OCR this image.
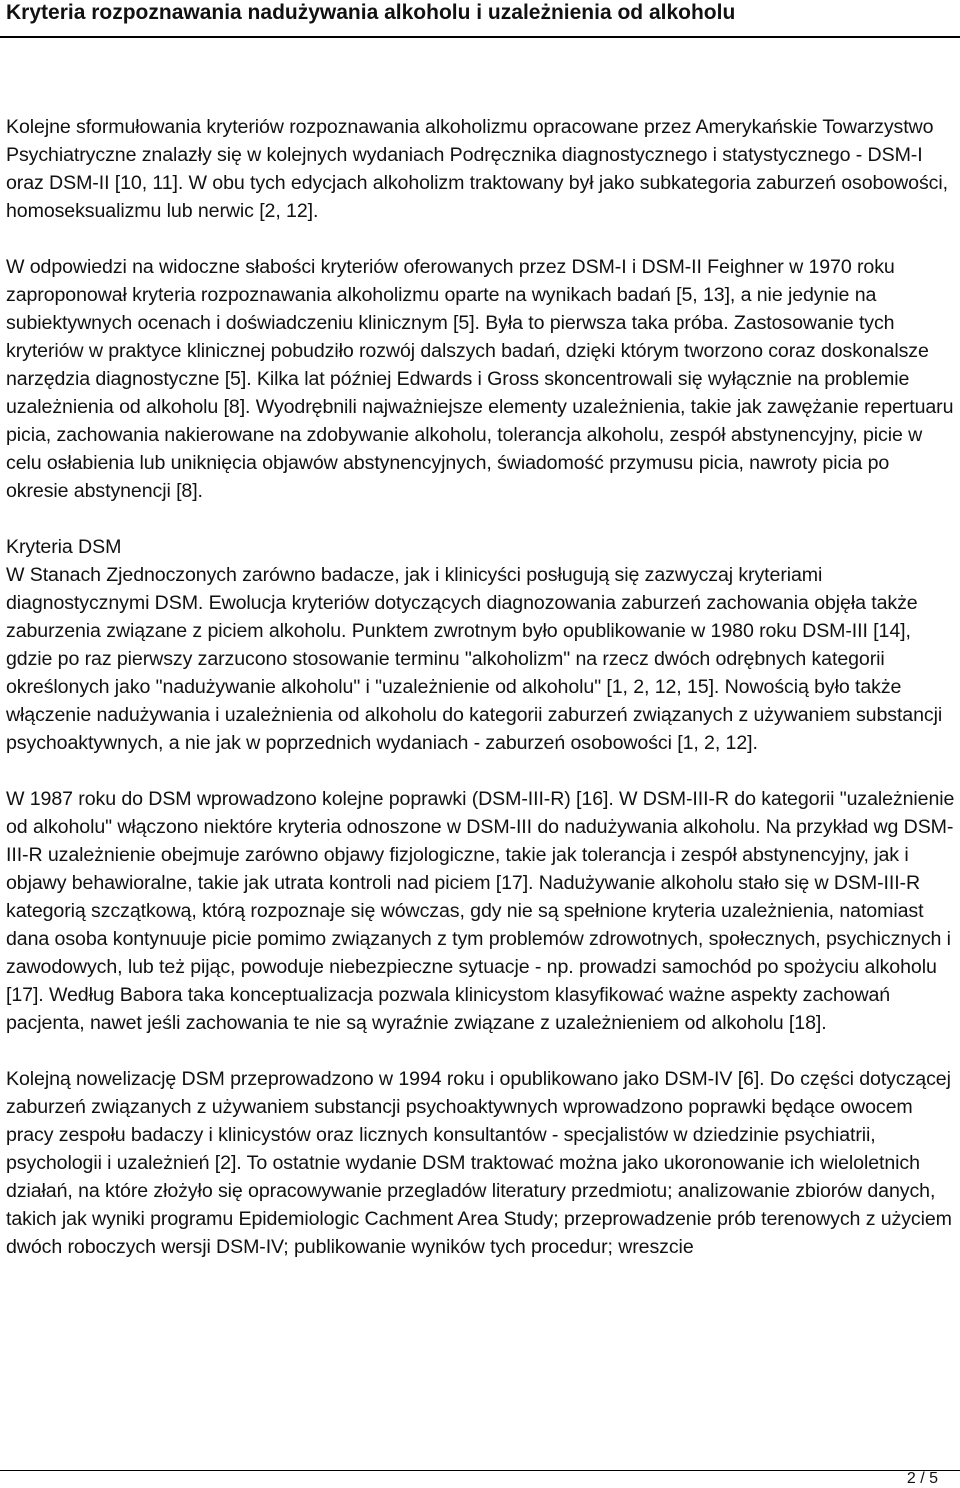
Kryteria rozpoznawania nadużywania alkoholu i uzależnienia od alkoholu

Kolejne sformułowania kryteriów rozpoznawania alkoholizmu opracowane przez Amerykańskie Towarzystwo Psychiatryczne znalazły się w kolejnych wydaniach Podręcznika diagnostycznego i statystycznego - DSM-I oraz DSM-II [10, 11]. W obu tych edycjach alkoholizm traktowany był jako subkategoria zaburzeń osobowości, homoseksualizmu lub nerwic [2, 12].

W odpowiedzi na widoczne słabości kryteriów oferowanych przez DSM-I i DSM-II Feighner w 1970 roku zaproponował kryteria rozpoznawania alkoholizmu oparte na wynikach badań [5, 13], a nie jedynie na subiektywnych ocenach i doświadczeniu klinicznym [5]. Była to pierwsza taka próba. Zastosowanie tych kryteriów w praktyce klinicznej pobudziło rozwój dalszych badań, dzięki którym tworzono coraz doskonalsze narzędzia diagnostyczne [5]. Kilka lat później Edwards i Gross skoncentrowali się wyłącznie na problemie uzależnienia od alkoholu [8]. Wyodrębnili najważniejsze elementy uzależnienia, takie jak zawężanie repertuaru picia, zachowania nakierowane na zdobywanie alkoholu, tolerancja alkoholu, zespół abstynencyjny, picie w celu osłabienia lub uniknięcia objawów abstynencyjnych, świadomość przymusu picia, nawroty picia po okresie abstynencji [8].

Kryteria DSM

W Stanach Zjednoczonych zarówno badacze, jak i klinicyści posługują się zazwyczaj kryteriami diagnostycznymi DSM. Ewolucja kryteriów dotyczących diagnozowania zaburzeń zachowania objęła także zaburzenia związane z piciem alkoholu. Punktem zwrotnym było opublikowanie w 1980 roku DSM-III [14], gdzie po raz pierwszy zarzucono stosowanie terminu "alkoholizm" na rzecz dwóch odrębnych kategorii określonych jako "nadużywanie alkoholu" i "uzależnienie od alkoholu" [1, 2, 12, 15]. Nowością było także włączenie nadużywania i uzależnienia od alkoholu do kategorii zaburzeń związanych z używaniem substancji psychoaktywnych, a nie jak w poprzednich wydaniach - zaburzeń osobowości [1, 2, 12].

W 1987 roku do DSM wprowadzono kolejne poprawki (DSM-III-R) [16]. W DSM-III-R do kategorii "uzależnienie od alkoholu" włączono niektóre kryteria odnoszone w DSM-III do nadużywania alkoholu. Na przykład wg DSM-III-R uzależnienie obejmuje zarówno objawy fizjologiczne, takie jak tolerancja i zespół abstynencyjny, jak i objawy behawioralne, takie jak utrata kontroli nad piciem [17]. Nadużywanie alkoholu stało się w DSM-III-R kategorią szczątkową, którą rozpoznaje się wówczas, gdy nie są spełnione kryteria uzależnienia, natomiast dana osoba kontynuuje picie pomimo związanych z tym problemów zdrowotnych, społecznych, psychicznych i zawodowych, lub też pijąc, powoduje niebezpieczne sytuacje - np. prowadzi samochód po spożyciu alkoholu [17]. Według Babora taka konceptualizacja pozwala klinicystom klasyfikować ważne aspekty zachowań pacjenta, nawet jeśli zachowania te nie są wyraźnie związane z uzależnieniem od alkoholu [18].

Kolejną nowelizację DSM przeprowadzono w 1994 roku i opublikowano jako DSM-IV [6]. Do części dotyczącej zaburzeń związanych z używaniem substancji psychoaktywnych wprowadzono poprawki będące owocem pracy zespołu badaczy i klinicystów oraz licznych konsultantów - specjalistów w dziedzinie psychiatrii, psychologii i uzależnień [2]. To ostatnie wydanie DSM traktować można jako ukoronowanie ich wieloletnich działań, na które złożyło się opracowywanie przegladów literatury przedmiotu; analizowanie zbiorów danych, takich jak wyniki programu Epidemiologic Cachment Area Study; przeprowadzenie prób terenowych z użyciem dwóch roboczych wersji DSM-IV; publikowanie wyników tych procedur; wreszcie

2 / 5
